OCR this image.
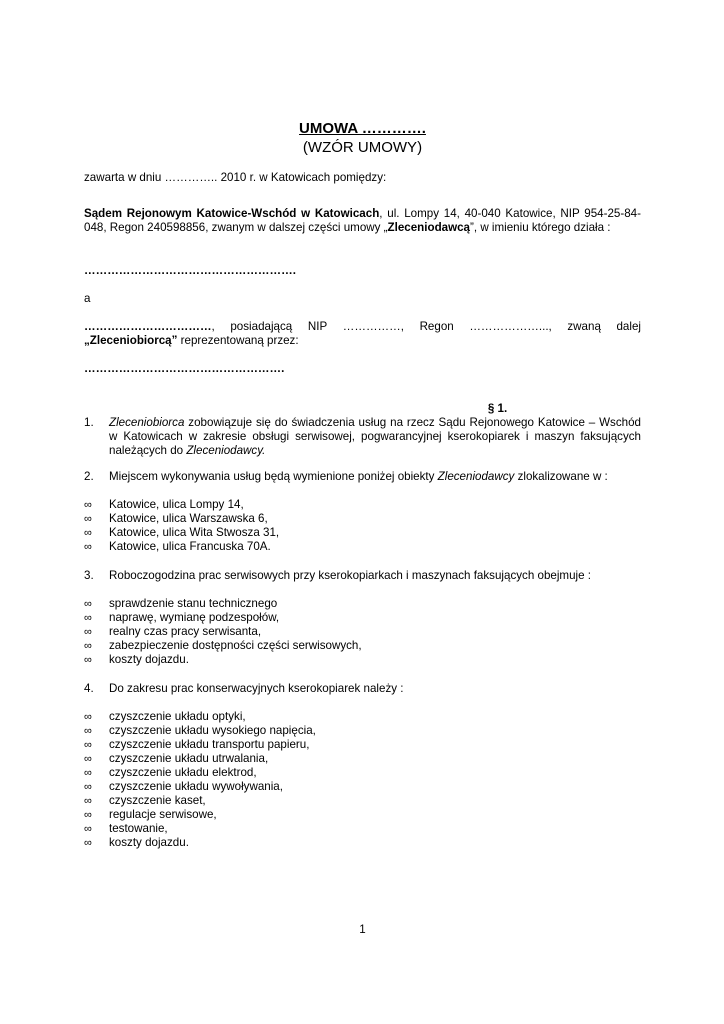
UMOWA ………….
(WZÓR UMOWY)
zawarta w dniu ………….. 2010 r. w Katowicach pomiędzy:
Sądem Rejonowym Katowice-Wschód w Katowicach, ul. Lompy 14, 40-040 Katowice, NIP 954-25-84-048, Regon 240598856, zwanym w dalszej części umowy „Zleceniodawcą”, w imieniu którego działa :
……………………………………………….
a
……………………………, posiadającą NIP ……………, Regon ………………..., zwaną dalej
„Zleceniobiorcą” reprezentowaną przez:
…………………………………………….
§ 1.
1.	Zleceniobiorca zobowiązuje się do świadczenia usług na rzecz Sądu Rejonowego Katowice – Wschód w Katowicach w zakresie obsługi serwisowej, pogwarancyjnej kserokopiarek i maszyn faksujących należących do Zleceniodawcy.
2.	Miejscem wykonywania usług będą wymienione poniżej obiekty Zleceniodawcy zlokalizowane w :
∞	Katowice, ulica Lompy 14,
∞	Katowice, ulica Warszawska 6,
∞	Katowice, ulica Wita Stwosza 31,
∞	Katowice, ulica Francuska 70A.
3.	Roboczogodzina prac serwisowych przy kserokopiarkach i maszynach faksujących obejmuje :
∞	sprawdzenie stanu technicznego
∞	naprawę, wymianę podzespołów,
∞	realny czas pracy serwisanta,
∞	zabezpieczenie dostępności części serwisowych,
∞	koszty dojazdu.
4.	Do zakresu prac konserwacyjnych kserokopiarek należy :
∞	czyszczenie układu optyki,
∞	czyszczenie układu wysokiego napięcia,
∞	czyszczenie układu transportu papieru,
∞	czyszczenie układu utrwalania,
∞	czyszczenie układu elektrod,
∞	czyszczenie układu wywoływania,
∞	czyszczenie kaset,
∞	regulacje serwisowe,
∞	testowanie,
∞	koszty dojazdu.
1
